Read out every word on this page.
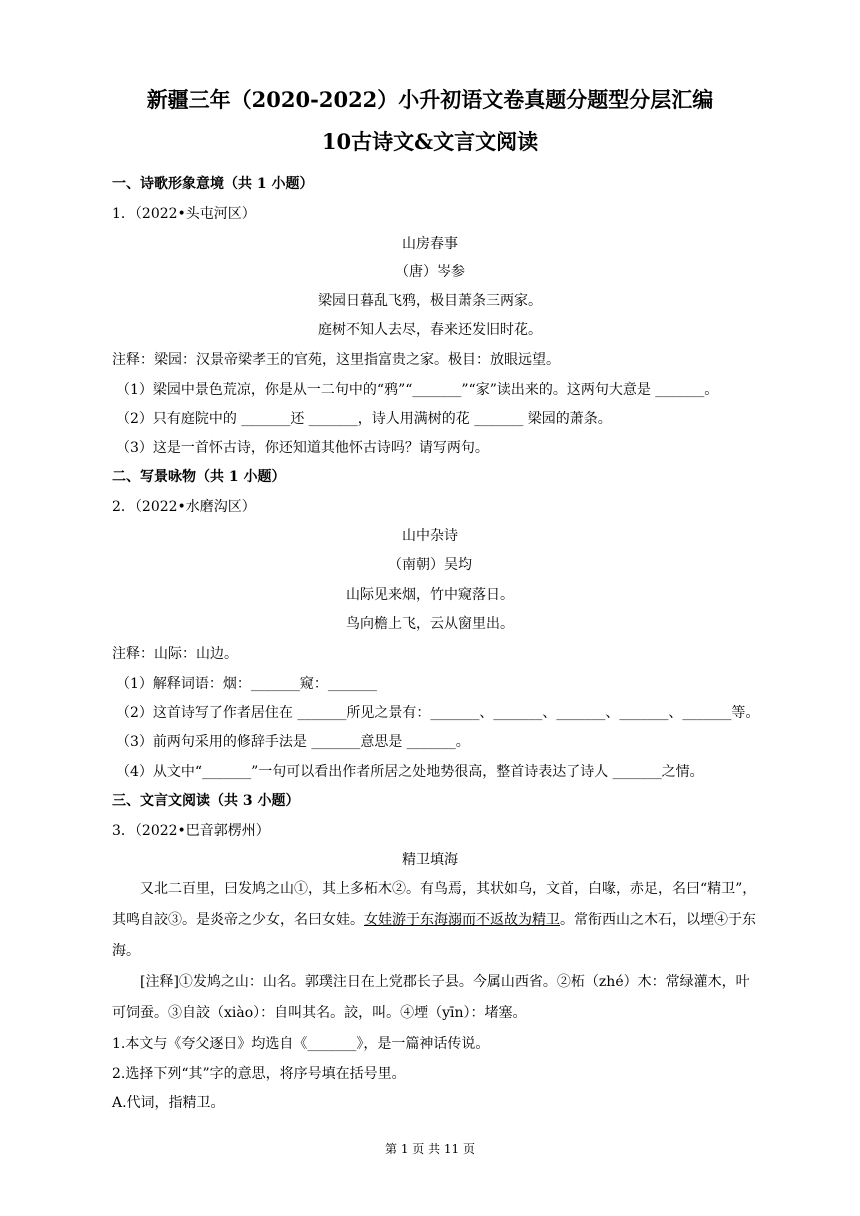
新疆三年（2020-2022）小升初语文卷真题分题型分层汇编
10古诗文&文言文阅读
一、诗歌形象意境（共 1 小题）
1．（2022•头屯河区）
山房春事
（唐）岑参
梁园日暮乱飞鸦，极目萧条三两家。
庭树不知人去尽，春来还发旧时花。
注释：梁园：汉景帝梁孝王的官苑，这里指富贵之家。极目：放眼远望。
（1）梁园中景色荒凉，你是从一二句中的“鸦”“_______”“家”读出来的。这两句大意是 _______。
（2）只有庭院中的 _______还 _______，诗人用满树的花 _______ 梁园的萧条。
（3）这是一首怀古诗，你还知道其他怀古诗吗？请写两句。
二、写景咏物（共 1 小题）
2．（2022•水磨沟区）
山中杂诗
（南朝）吴均
山际见来烟，竹中窥落日。
鸟向檐上飞，云从窗里出。
注释：山际：山边。
（1）解释词语：烟：_______窥：_______
（2）这首诗写了作者居住在 _______所见之景有：_______、_______、_______、_______、_______等。
（3）前两句采用的修辞手法是 _______意思是 _______。
（4）从文中“_______”一句可以看出作者所居之处地势很高，整首诗表达了诗人 _______之情。
三、文言文阅读（共 3 小题）
3．（2022•巴音郭楞州）
精卫填海
又北二百里，曰发鸠之山①，其上多柘木②。有鸟焉，其状如乌，文首，白喙，赤足，名曰“精卫”，其鸣自詨③。是炎帝之少女，名曰女娃。女娃游于东海溺而不返故为精卫。常衔西山之木石，以堙④于东海。
[注释]①发鸠之山：山名。郭璞注日在上党郡长子县。今属山西省。②柘（zhé）木：常绿灌木，叶可饲蚕。③自詨（xiào）：自叫其名。詨，叫。④堙（yīn）：堵塞。
1.本文与《夸父逐日》均选自《_______》，是一篇神话传说。
2.选择下列“其”字的意思，将序号填在括号里。
A.代词，指精卫。
第 1 页 共 11 页
